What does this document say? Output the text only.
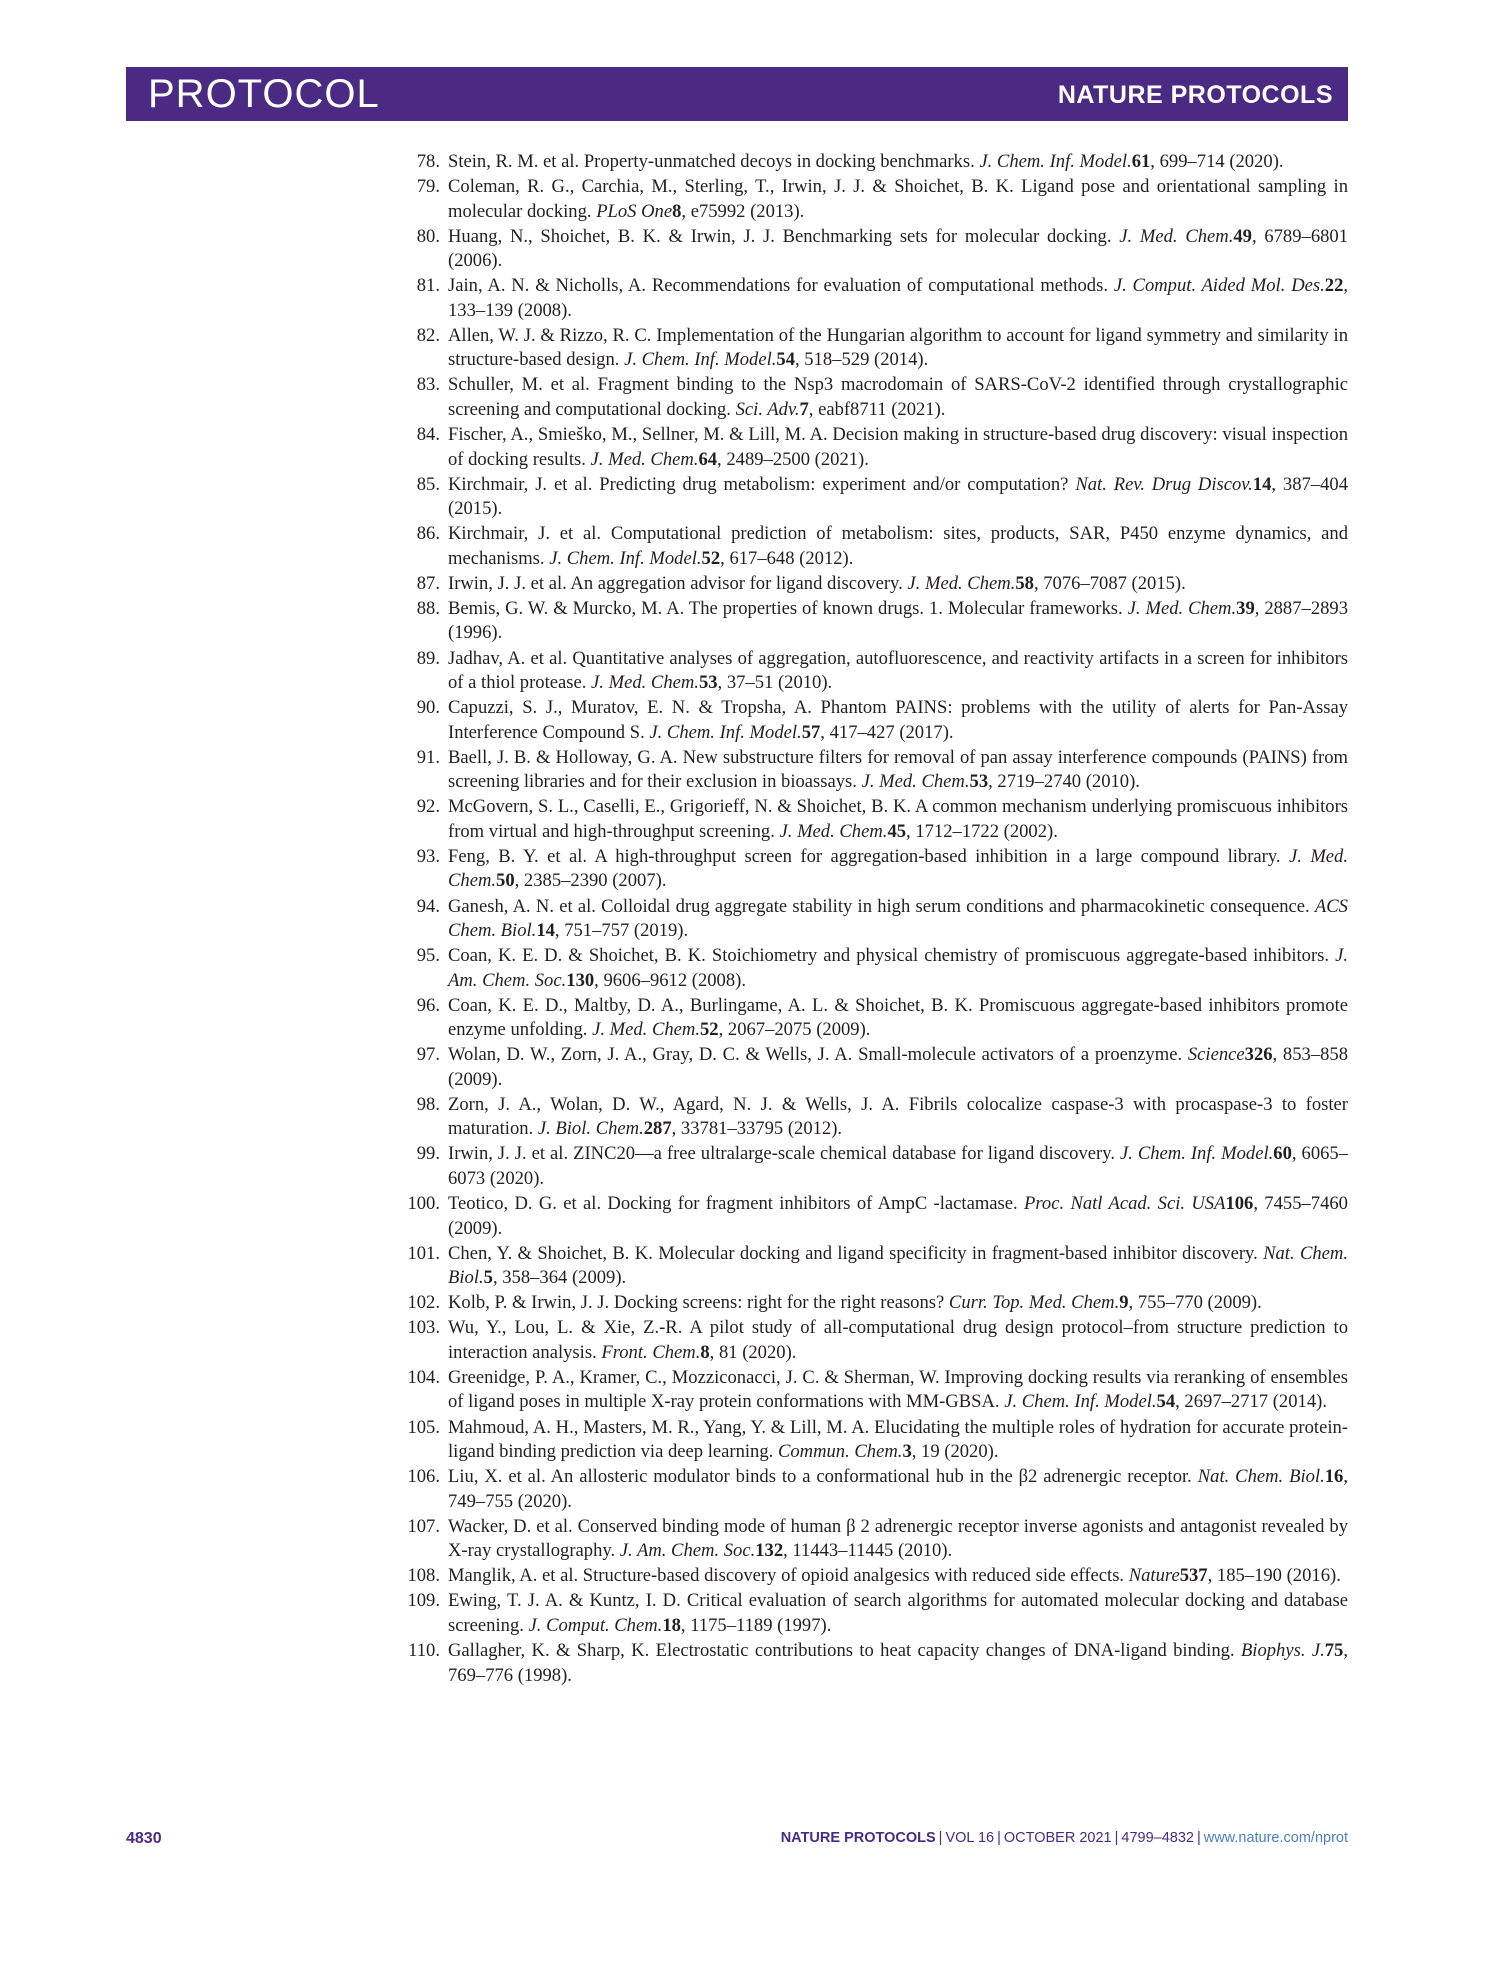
PROTOCOL	NATURE PROTOCOLS
78. Stein, R. M. et al. Property-unmatched decoys in docking benchmarks. J. Chem. Inf. Model.61, 699–714 (2020).
79. Coleman, R. G., Carchia, M., Sterling, T., Irwin, J. J. & Shoichet, B. K. Ligand pose and orientational sampling in molecular docking. PLoS One8, e75992 (2013).
80. Huang, N., Shoichet, B. K. & Irwin, J. J. Benchmarking sets for molecular docking. J. Med. Chem.49, 6789–6801 (2006).
81. Jain, A. N. & Nicholls, A. Recommendations for evaluation of computational methods. J. Comput. Aided Mol. Des.22, 133–139 (2008).
82. Allen, W. J. & Rizzo, R. C. Implementation of the Hungarian algorithm to account for ligand symmetry and similarity in structure-based design. J. Chem. Inf. Model.54, 518–529 (2014).
83. Schuller, M. et al. Fragment binding to the Nsp3 macrodomain of SARS-CoV-2 identified through crystallographic screening and computational docking. Sci. Adv.7, eabf8711 (2021).
84. Fischer, A., Smieško, M., Sellner, M. & Lill, M. A. Decision making in structure-based drug discovery: visual inspection of docking results. J. Med. Chem.64, 2489–2500 (2021).
85. Kirchmair, J. et al. Predicting drug metabolism: experiment and/or computation? Nat. Rev. Drug Discov.14, 387–404 (2015).
86. Kirchmair, J. et al. Computational prediction of metabolism: sites, products, SAR, P450 enzyme dynamics, and mechanisms. J. Chem. Inf. Model.52, 617–648 (2012).
87. Irwin, J. J. et al. An aggregation advisor for ligand discovery. J. Med. Chem.58, 7076–7087 (2015).
88. Bemis, G. W. & Murcko, M. A. The properties of known drugs. 1. Molecular frameworks. J. Med. Chem.39, 2887–2893 (1996).
89. Jadhav, A. et al. Quantitative analyses of aggregation, autofluorescence, and reactivity artifacts in a screen for inhibitors of a thiol protease. J. Med. Chem.53, 37–51 (2010).
90. Capuzzi, S. J., Muratov, E. N. & Tropsha, A. Phantom PAINS: problems with the utility of alerts for Pan-Assay Interference Compound S. J. Chem. Inf. Model.57, 417–427 (2017).
91. Baell, J. B. & Holloway, G. A. New substructure filters for removal of pan assay interference compounds (PAINS) from screening libraries and for their exclusion in bioassays. J. Med. Chem.53, 2719–2740 (2010).
92. McGovern, S. L., Caselli, E., Grigorieff, N. & Shoichet, B. K. A common mechanism underlying promiscuous inhibitors from virtual and high-throughput screening. J. Med. Chem.45, 1712–1722 (2002).
93. Feng, B. Y. et al. A high-throughput screen for aggregation-based inhibition in a large compound library. J. Med. Chem.50, 2385–2390 (2007).
94. Ganesh, A. N. et al. Colloidal drug aggregate stability in high serum conditions and pharmacokinetic consequence. ACS Chem. Biol.14, 751–757 (2019).
95. Coan, K. E. D. & Shoichet, B. K. Stoichiometry and physical chemistry of promiscuous aggregate-based inhibitors. J. Am. Chem. Soc.130, 9606–9612 (2008).
96. Coan, K. E. D., Maltby, D. A., Burlingame, A. L. & Shoichet, B. K. Promiscuous aggregate-based inhibitors promote enzyme unfolding. J. Med. Chem.52, 2067–2075 (2009).
97. Wolan, D. W., Zorn, J. A., Gray, D. C. & Wells, J. A. Small-molecule activators of a proenzyme. Science326, 853–858 (2009).
98. Zorn, J. A., Wolan, D. W., Agard, N. J. & Wells, J. A. Fibrils colocalize caspase-3 with procaspase-3 to foster maturation. J. Biol. Chem.287, 33781–33795 (2012).
99. Irwin, J. J. et al. ZINC20—a free ultralarge-scale chemical database for ligand discovery. J. Chem. Inf. Model.60, 6065–6073 (2020).
100. Teotico, D. G. et al. Docking for fragment inhibitors of AmpC -lactamase. Proc. Natl Acad. Sci. USA106, 7455–7460 (2009).
101. Chen, Y. & Shoichet, B. K. Molecular docking and ligand specificity in fragment-based inhibitor discovery. Nat. Chem. Biol.5, 358–364 (2009).
102. Kolb, P. & Irwin, J. J. Docking screens: right for the right reasons? Curr. Top. Med. Chem.9, 755–770 (2009).
103. Wu, Y., Lou, L. & Xie, Z.-R. A pilot study of all-computational drug design protocol–from structure prediction to interaction analysis. Front. Chem.8, 81 (2020).
104. Greenidge, P. A., Kramer, C., Mozziconacci, J. C. & Sherman, W. Improving docking results via reranking of ensembles of ligand poses in multiple X-ray protein conformations with MM-GBSA. J. Chem. Inf. Model.54, 2697–2717 (2014).
105. Mahmoud, A. H., Masters, M. R., Yang, Y. & Lill, M. A. Elucidating the multiple roles of hydration for accurate protein-ligand binding prediction via deep learning. Commun. Chem.3, 19 (2020).
106. Liu, X. et al. An allosteric modulator binds to a conformational hub in the β2 adrenergic receptor. Nat. Chem. Biol.16, 749–755 (2020).
107. Wacker, D. et al. Conserved binding mode of human β 2 adrenergic receptor inverse agonists and antagonist revealed by X-ray crystallography. J. Am. Chem. Soc.132, 11443–11445 (2010).
108. Manglik, A. et al. Structure-based discovery of opioid analgesics with reduced side effects. Nature537, 185–190 (2016).
109. Ewing, T. J. A. & Kuntz, I. D. Critical evaluation of search algorithms for automated molecular docking and database screening. J. Comput. Chem.18, 1175–1189 (1997).
110. Gallagher, K. & Sharp, K. Electrostatic contributions to heat capacity changes of DNA-ligand binding. Biophys. J.75, 769–776 (1998).
4830	NATURE PROTOCOLS | VOL 16 | OCTOBER 2021 | 4799–4832 | www.nature.com/nprot
